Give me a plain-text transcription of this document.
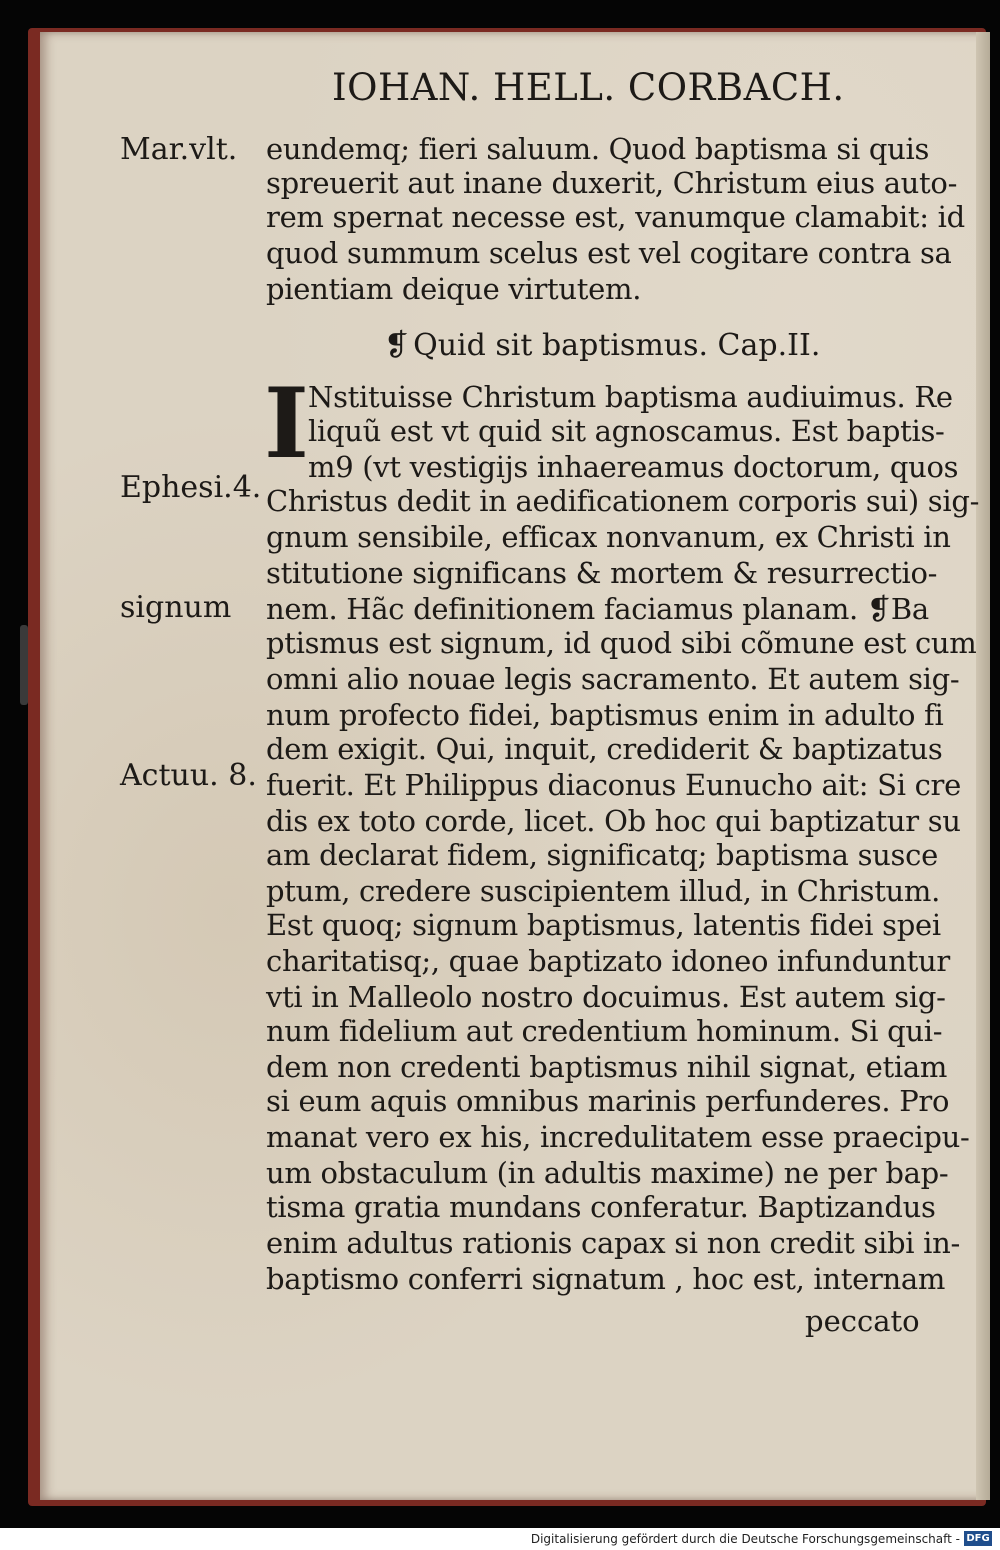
IOHAN. HELL. CORBACH.
Mar.vlt.
Ephesi.4.
signum
Actuu. 8.
eundemq; fieri saluum. Quod baptisma si quis
spreuerit aut inane duxerit, Christum eius auto-
rem spernat necesse est, vanumque clamabit: id
quod summum scelus est vel cogitare contra sa
pientiam deique virtutem.
❡ Quid sit baptismus. Cap.II.
I Nstituisse Christum baptisma audiuimus. Re
liquũ est vt quid sit agnoscamus. Est baptis-
m9 (vt vestigijs inhaereamus doctorum, quos
Christus dedit in aedificationem corporis sui) sig-
gnum sensibile, efficax nonvanum, ex Christi in
stitutione significans & mortem & resurrectio-
nem. Hãc definitionem faciamus planam. ❡Ba
ptismus est signum, id quod sibi cõmune est cum
omni alio nouae legis sacramento. Et autem sig-
num profecto fidei, baptismus enim in adulto fi
dem exigit. Qui, inquit, crediderit & baptizatus
fuerit. Et Philippus diaconus Eunucho ait: Si cre
dis ex toto corde, licet. Ob hoc qui baptizatur su
am declarat fidem, significatq; baptisma susce
ptum, credere suscipientem illud, in Christum.
Est quoq; signum baptismus, latentis fidei spei
charitatisq;, quae baptizato idoneo infunduntur
vti in Malleolo nostro docuimus. Est autem sig-
num fidelium aut credentium hominum. Si qui-
dem non credenti baptismus nihil signat, etiam
si eum aquis omnibus marinis perfunderes. Pro
manat vero ex his, incredulitatem esse praecipu-
um obstaculum (in adultis maxime) ne per bap-
tisma gratia mundans conferatur. Baptizandus
enim adultus rationis capax si non credit sibi in-
baptismo conferri signatum , hoc est, internam
peccato
Digitalisierung gefördert durch die Deutsche Forschungsgemeinschaft - DFG
